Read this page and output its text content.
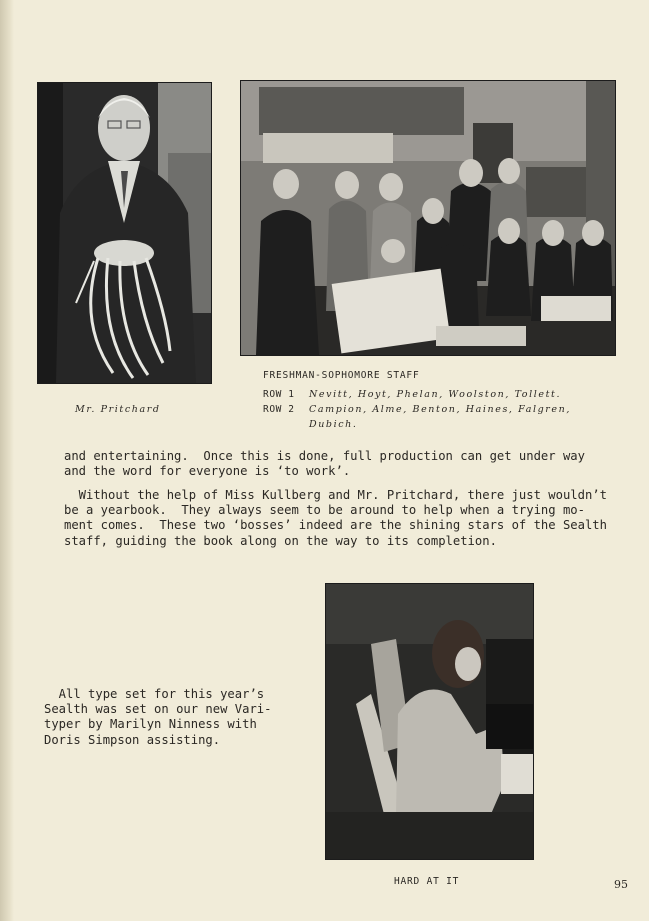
Mr. Pritchard
FRESHMAN-SOPHOMORE STAFF
ROW 1 Nevitt, Hoyt, Phelan, Woolston, Tollett.
ROW 2 Campion, Alme, Benton, Haines, Falgren,
Dubich.
and entertaining.  Once this is done, full production can get under way
and the word for everyone is ‘to work’.
Without the help of Miss Kullberg and Mr. Pritchard, there just wouldn’t
be a yearbook.  They always seem to be around to help when a trying mo-
ment comes.  These two ‘bosses’ indeed are the shining stars of the Sealth
staff, guiding the book along on the way to its completion.
All type set for this year’s
Sealth was set on our new Vari-
typer by Marilyn Ninness with
Doris Simpson assisting.
HARD AT IT	95
